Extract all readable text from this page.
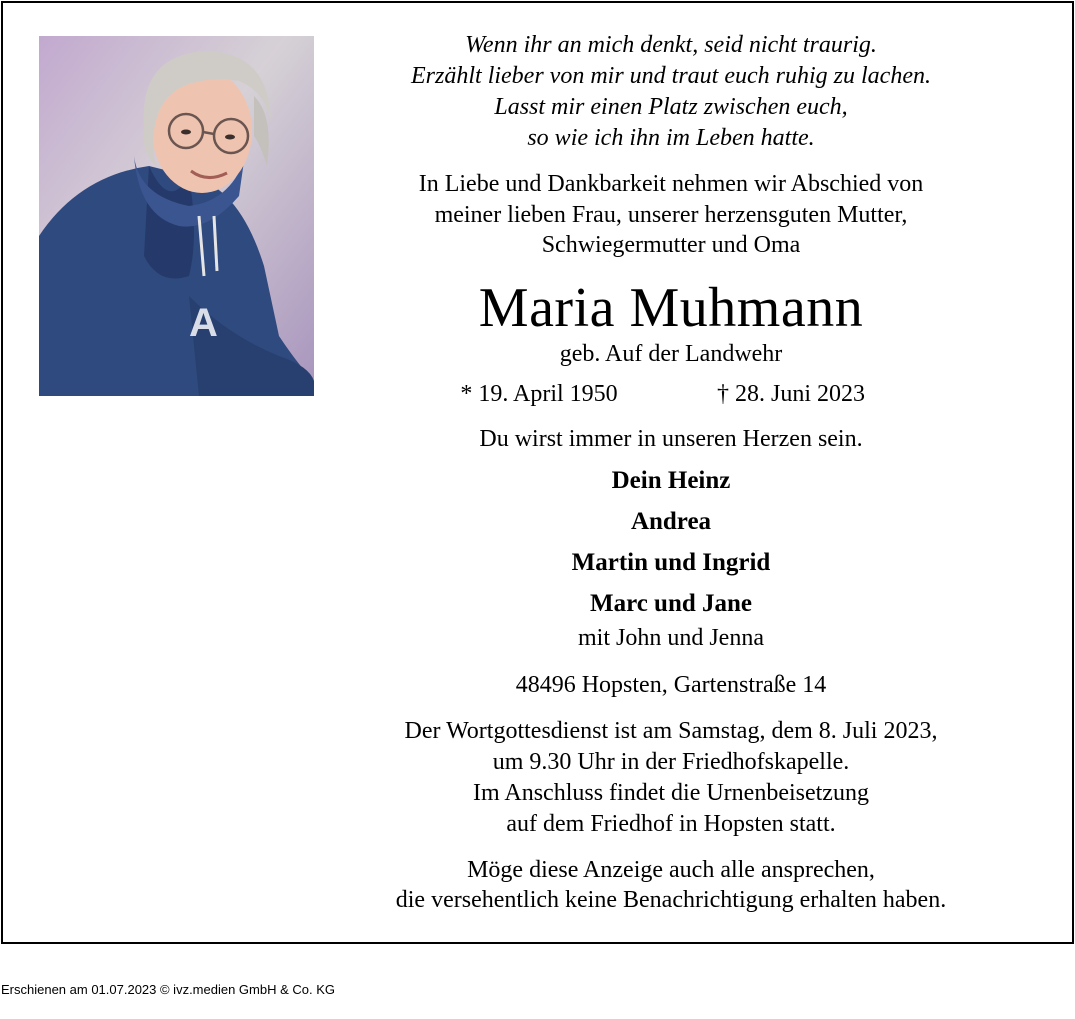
A
Wenn ihr an mich denkt, seid nicht traurig.
Erzählt lieber von mir und traut euch ruhig zu lachen.
Lasst mir einen Platz zwischen euch,
so wie ich ihn im Leben hatte.
In Liebe und Dankbarkeit nehmen wir Abschied von
meiner lieben Frau, unserer herzensguten Mutter,
Schwiegermutter und Oma
Maria Muhmann
geb. Auf der Landwehr
* 19. April 1950	† 28. Juni 2023
Du wirst immer in unseren Herzen sein.
Dein Heinz
Andrea
Martin und Ingrid
Marc und Jane
mit John und Jenna
48496 Hopsten, Gartenstraße 14
Der Wortgottesdienst ist am Samstag, dem 8. Juli 2023,
um 9.30 Uhr in der Friedhofskapelle.
Im Anschluss findet die Urnenbeisetzung
auf dem Friedhof in Hopsten statt.
Möge diese Anzeige auch alle ansprechen,
die versehentlich keine Benachrichtigung erhalten haben.
Erschienen am 01.07.2023 © ivz.medien GmbH & Co. KG
